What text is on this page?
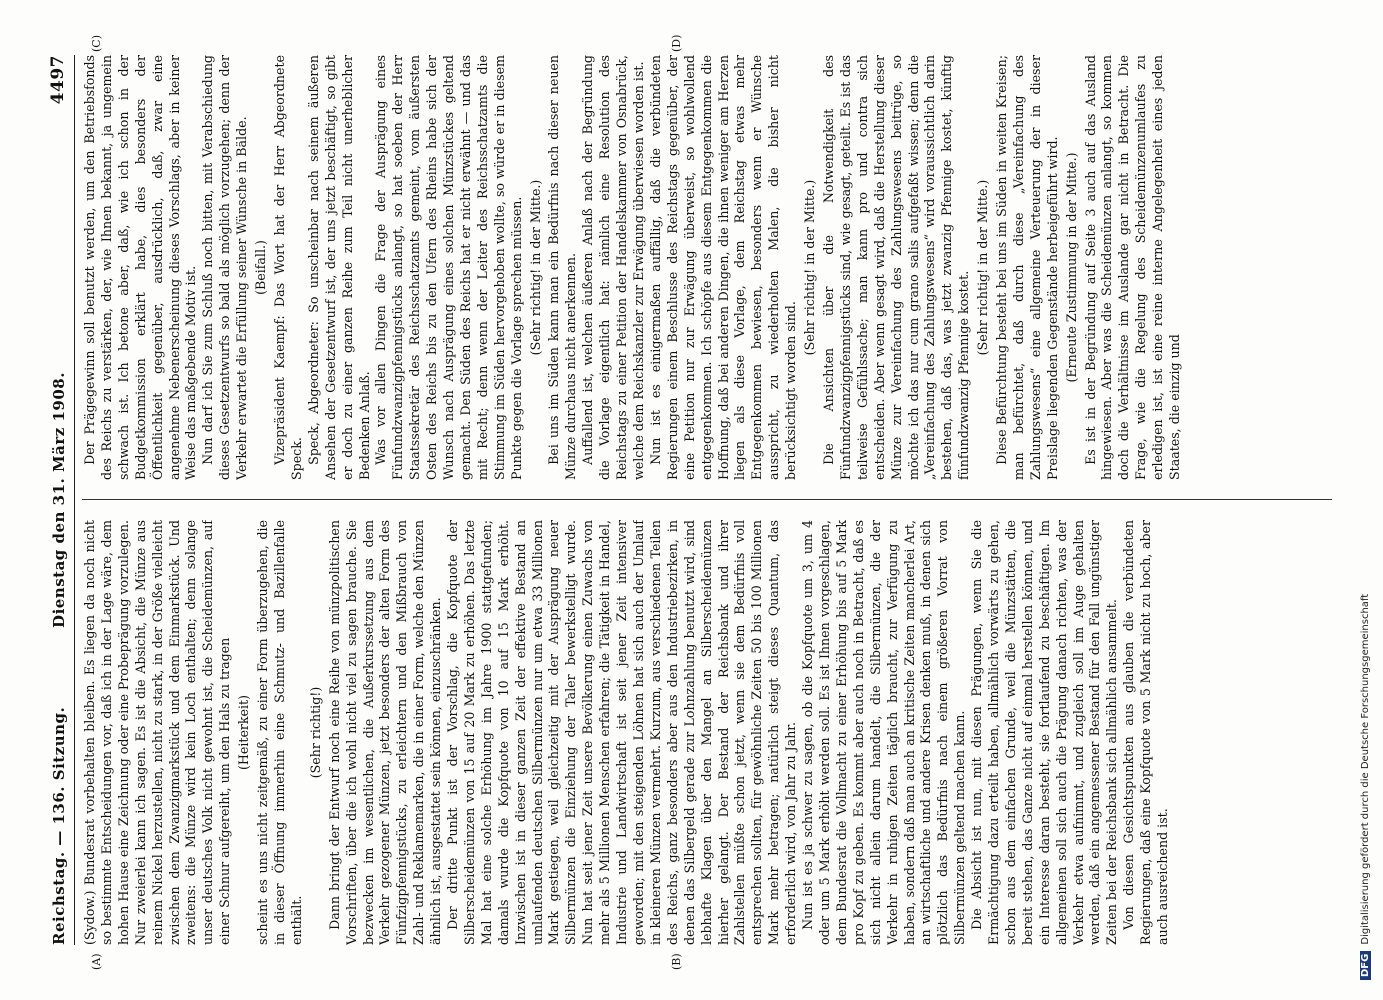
Reichstag. — 136. Sitzung.
Dienstag den 31. März 1908.
4497
(A)	(B)
(C)	(D)

(Sydow.) Bundesrat vorbehalten bleiben. Es liegen da noch nicht so bestimmte Entscheidungen vor, daß ich in der Lage wäre, dem hohen Hause eine Zeichnung oder eine Probeprägung vorzulegen. Nur zweierlei kann ich sagen. Es ist die Absicht, die Münze aus reinem Nickel herzustellen, nicht zu stark, in der Größe vielleicht zwischen dem Zwanzigmarkstück und dem Einmarkstück. Und zweitens: die Münze wird kein Loch enthalten; denn solange unser deutsches Volk nicht gewohnt ist, die Scheidemünzen, auf einer Schnur aufgereiht, um den Hals zu tragen (Heiterkeit) scheint es uns nicht zeitgemäß, zu einer Form überzugehen, die in dieser Öffnung immerhin eine Schmutz- und Bazillenfalle enthält.

(Sehr richtig!) Dann bringt der Entwurf noch eine Reihe von münzpolitischen Vorschriften, über die ich wohl nicht viel zu sagen brauche. Sie bezwecken im wesentlichen, die Außerkurssetzung aus dem Verkehr gezogener Münzen, jetzt besonders der alten Form des Fünfzigpfennigstücks, zu erleichtern und den Mißbrauch von Zahl- und Reklamemarken, die in einer Form, welche den Münzen ähnlich ist, ausgestattet sein können, einzuschränken. Der dritte Punkt ist der Vorschlag, die Kopfquote der Silberscheidemünzen von 15 auf 20 Mark zu erhöhen. Das letzte Mal hat eine solche Erhöhung im Jahre 1900 stattgefunden; damals wurde die Kopfquote von 10 auf 15 Mark erhöht. Inzwischen ist in dieser ganzen Zeit der effektive Bestand an umlaufenden deutschen Silbermünzen nur um etwa 33 Millionen Mark gestiegen, weil gleichzeitig mit der Ausprägung neuer Silbermünzen die Einziehung der Taler bewerkstelligt wurde. Nun hat seit jener Zeit unsere Bevölkerung einen Zuwachs von mehr als 5 Millionen Menschen erfahren; die Tätigkeit in Handel, Industrie und Landwirtschaft ist seit jener Zeit intensiver geworden; mit den steigenden Löhnen hat sich auch der Umlauf in kleineren Münzen vermehrt. Kurzum, aus verschiedenen Teilen des Reichs, ganz besonders aber aus den Industriebezirken, in denen das Silbergeld gerade zur Lohnzahlung benutzt wird, sind lebhafte Klagen über den Mangel an Silberscheidemünzen hierher gelangt. Der Bestand der Reichsbank und ihrer Zahlstellen müßte schon jetzt, wenn sie dem Bedürfnis voll entsprechen sollten, für gewöhnliche Zeiten 50 bis 100 Millionen Mark mehr betragen; natürlich steigt dieses Quantum, das erforderlich wird, von Jahr zu Jahr. Nun ist es ja schwer zu sagen, ob die Kopfquote um 3, um 4 oder um 5 Mark erhöht werden soll. Es ist Ihnen vorgeschlagen, dem Bundesrat die Vollmacht zu einer Erhöhung bis auf 5 Mark pro Kopf zu geben. Es kommt aber auch noch in Betracht, daß es sich nicht allein darum handelt, die Silbermünzen, die der Verkehr in ruhigen Zeiten täglich braucht, zur Verfügung zu haben, sondern daß man auch an kritische Zeiten mancherlei Art, an wirtschaftliche und andere Krisen denken muß, in denen sich plötzlich das Bedürfnis nach einem größeren Vorrat von Silbermünzen geltend machen kann. Die Absicht ist nun, mit diesen Prägungen, wenn Sie die Ermächtigung dazu erteilt haben, allmählich vorwärts zu gehen, schon aus dem einfachen Grunde, weil die Münzstätten, die bereit stehen, das Ganze nicht auf einmal herstellen können, und ein Interesse daran besteht, sie fortlaufend zu beschäftigen. Im allgemeinen soll sich auch die Prägung danach richten, was der Verkehr etwa aufnimmt, und zugleich soll im Auge gehalten werden, daß ein angemessener Bestand für den Fall ungünstiger Zeiten bei der Reichsbank sich allmählich ansammelt. Von diesen Gesichtspunkten aus glauben die verbündeten Regierungen, daß eine Kopfquote von 5 Mark nicht zu hoch, aber auch ausreichend ist.

Der Prägegewinn soll benutzt werden, um den Betriebsfonds des Reichs zu verstärken, der, wie Ihnen bekannt, ja ungemein schwach ist. Ich betone aber, daß, wie ich schon in der Budgetkommission erklärt habe, dies besonders der Öffentlichkeit gegenüber, ausdrücklich, daß, zwar eine angenehme Nebenerscheinung dieses Vorschlags, aber in keiner Weise das maßgebende Motiv ist. Nun darf ich Sie zum Schluß noch bitten, mit Verabschiedung dieses Gesetzentwurfs so bald als möglich vorzugehen; denn der Verkehr erwartet die Erfüllung seiner Wünsche in Bälde. (Beifall.) Vizepräsident Kaempf: Das Wort hat der Herr Abgeordnete Speck. Speck, Abgeordneter: So unscheinbar nach seinem äußeren Ansehen der Gesetzentwurf ist, der uns jetzt beschäftigt, so gibt er doch zu einer ganzen Reihe zum Teil nicht unerheblicher Bedenken Anlaß. Was vor allen Dingen die Frage der Ausprägung eines Fünfundzwanzigpfennigstücks anlangt, so hat soeben der Herr Staatssekretär des Reichsschatzamts gemeint, vom äußersten Osten des Reichs bis zu den Ufern des Rheins habe sich der Wunsch nach Ausprägung eines solchen Münzstückes geltend gemacht. Den Süden des Reichs hat er nicht erwähnt — und das mit Recht; denn wenn der Leiter des Reichsschatzamts die Stimmung im Süden hervorgehoben wollte, so würde er in diesem Punkte gegen die Vorlage sprechen müssen. (Sehr richtig! in der Mitte.) Bei uns im Süden kann man ein Bedürfnis nach dieser neuen Münze durchaus nicht anerkennen. Auffallend ist, welchen äußeren Anlaß nach der Begründung die Vorlage eigentlich hat: nämlich eine Resolution des Reichstags zu einer Petition der Handelskammer von Osnabrück, welche dem Reichskanzler zur Erwägung überwiesen worden ist. Nun ist es einigermaßen auffällig, daß die verbündeten Regierungen einem Beschlusse des Reichstags gegenüber, der eine Petition nur zur Erwägung überweist, so wohlwollend entgegenkommen. Ich schöpfe aus diesem Entgegenkommen die Hoffnung, daß bei anderen Dingen, die ihnen weniger am Herzen liegen als diese Vorlage, dem Reichstag etwas mehr Entgegenkommen bewiesen, besonders wenn er Wünsche ausspricht, zu wiederholten Malen, die bisher nicht berücksichtigt worden sind.

(Sehr richtig! in der Mitte.) Die Ansichten über die Notwendigkeit des Fünfundzwanzigpfennigstücks sind, wie gesagt, geteilt. Es ist das teilweise Gefühlssache; man kann pro und contra sich entscheiden. Aber wenn gesagt wird, daß die Herstellung dieser Münze zur Vereinfachung des Zahlungswesens beitrüge, so möchte ich das nur cum grano salis aufgefaßt wissen; denn die „Vereinfachung des Zahlungswesens“ wird voraussichtlich darin bestehen, daß das, was jetzt zwanzig Pfennige kostet, künftig fünfundzwanzig Pfennige kostet.

(Sehr richtig! in der Mitte.) Diese Befürchtung besteht bei uns im Süden in weiten Kreisen; man befürchtet, daß durch diese „Vereinfachung des Zahlungswesens“ eine allgemeine Verteuerung der in dieser Preislage liegenden Gegenstände herbeigeführt wird. (Erneute Zustimmung in der Mitte.) Es ist in der Begründung auf Seite 3 auch auf das Ausland hingewiesen. Aber was die Scheidemünzen anlangt, so kommen doch die Verhältnisse im Auslande gar nicht in Betracht. Die Frage, wie die Regelung des Scheidemünzenumlaufes zu erledigen ist, ist eine reine interne Angelegenheit eines jeden Staates, die einzig und

DFGDigitalisierung gefördert durch die Deutsche Forschungsgemeinschaft
